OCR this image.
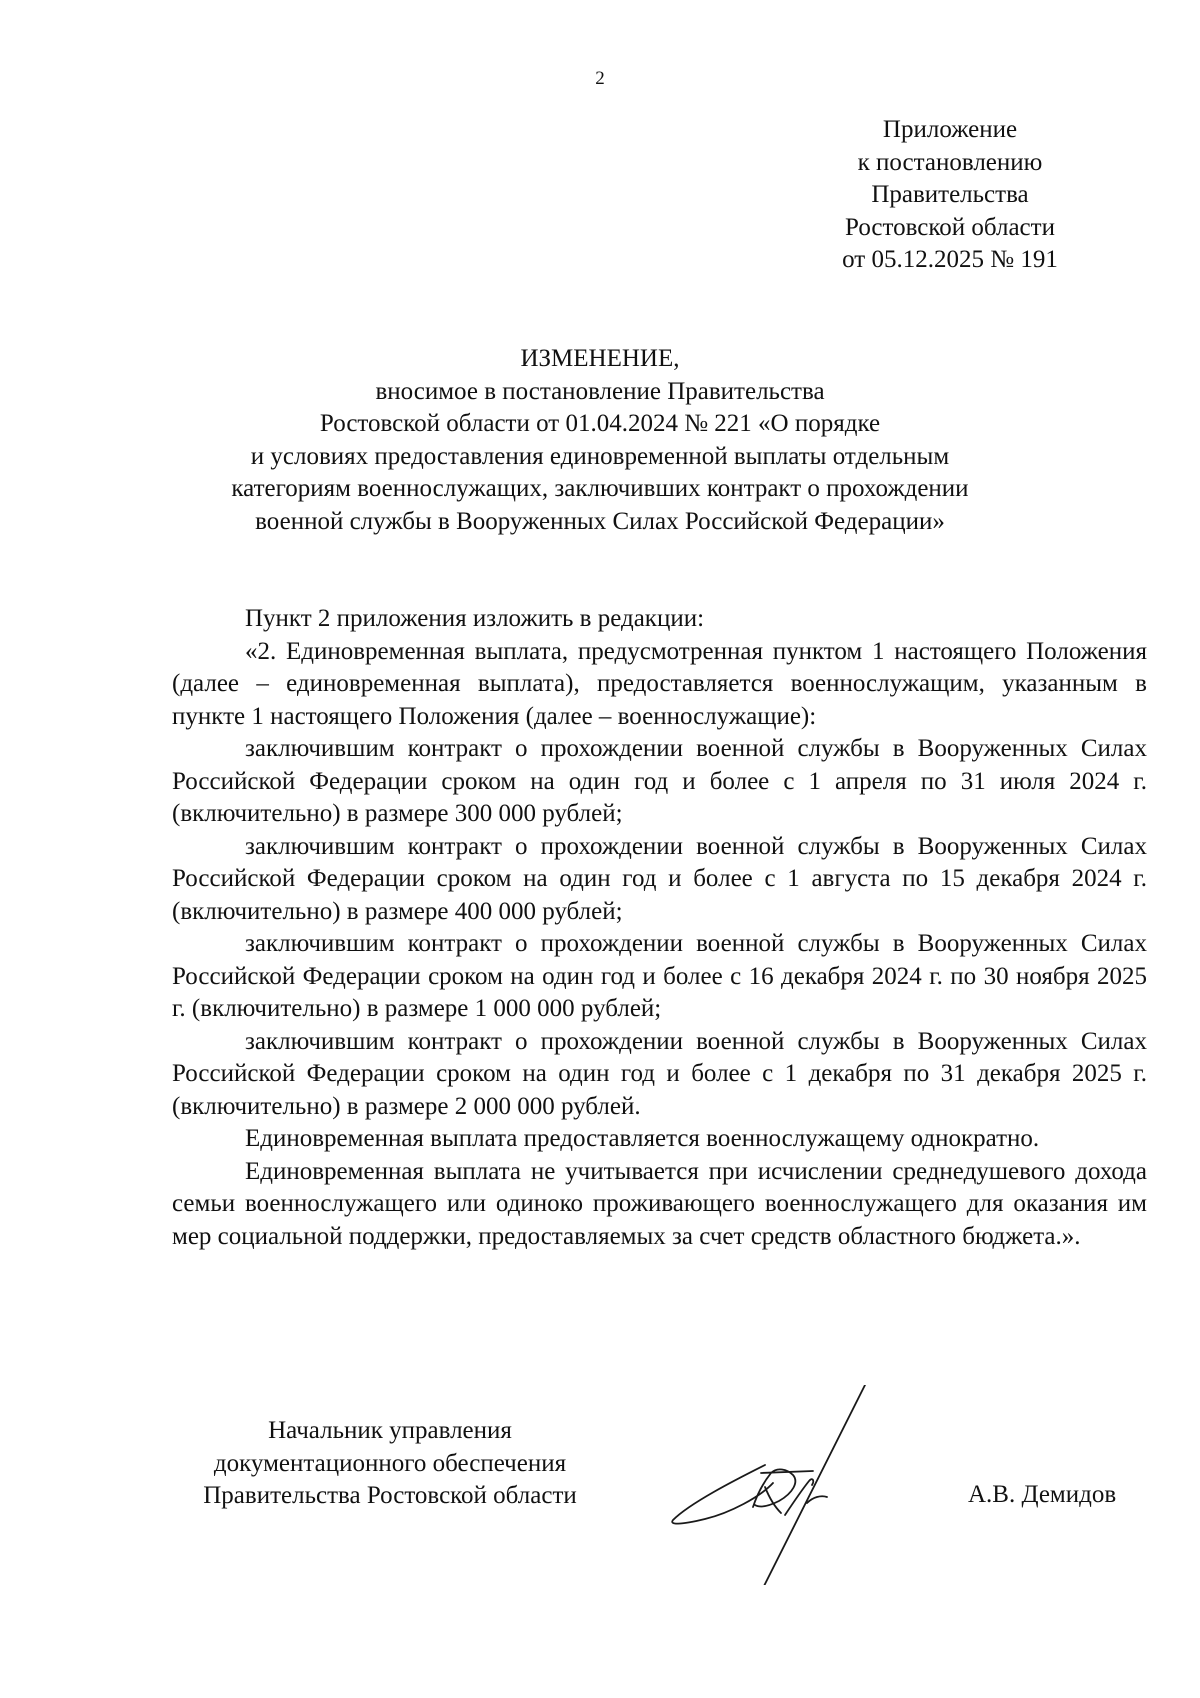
2
Приложение
к постановлению
Правительства
Ростовской области
от 05.12.2025 № 191
ИЗМЕНЕНИЕ,
вносимое в постановление Правительства
Ростовской области от 01.04.2024 № 221 «О порядке
и условиях предоставления единовременной выплаты отдельным
категориям военнослужащих, заключивших контракт о прохождении
военной службы в Вооруженных Силах Российской Федерации»

Пункт 2 приложения изложить в редакции:

«2. Единовременная выплата, предусмотренная пунктом 1 настоящего Положения (далее – единовременная выплата), предоставляется военнослужащим, указанным в пункте 1 настоящего Положения (далее – военнослужащие):

заключившим контракт о прохождении военной службы в Вооруженных Силах Российской Федерации сроком на один год и более с 1 апреля по 31 июля 2024 г. (включительно) в размере 300 000 рублей;

заключившим контракт о прохождении военной службы в Вооруженных Силах Российской Федерации сроком на один год и более с 1 августа по 15 декабря 2024 г. (включительно) в размере 400 000 рублей;

заключившим контракт о прохождении военной службы в Вооруженных Силах Российской Федерации сроком на один год и более с 16 декабря 2024 г. по 30 ноября 2025 г. (включительно) в размере 1 000 000 рублей;

заключившим контракт о прохождении военной службы в Вооруженных Силах Российской Федерации сроком на один год и более с 1 декабря по 31 декабря 2025 г. (включительно) в размере 2 000 000 рублей.

Единовременная выплата предоставляется военнослужащему однократно.

Единовременная выплата не учитывается при исчислении среднедушевого дохода семьи военнослужащего или одиноко проживающего военнослужащего для оказания им мер социальной поддержки, предоставляемых за счет средств областного бюджета.».

Начальник управления
документационного обеспечения
Правительства Ростовской области	А.В. Демидов
